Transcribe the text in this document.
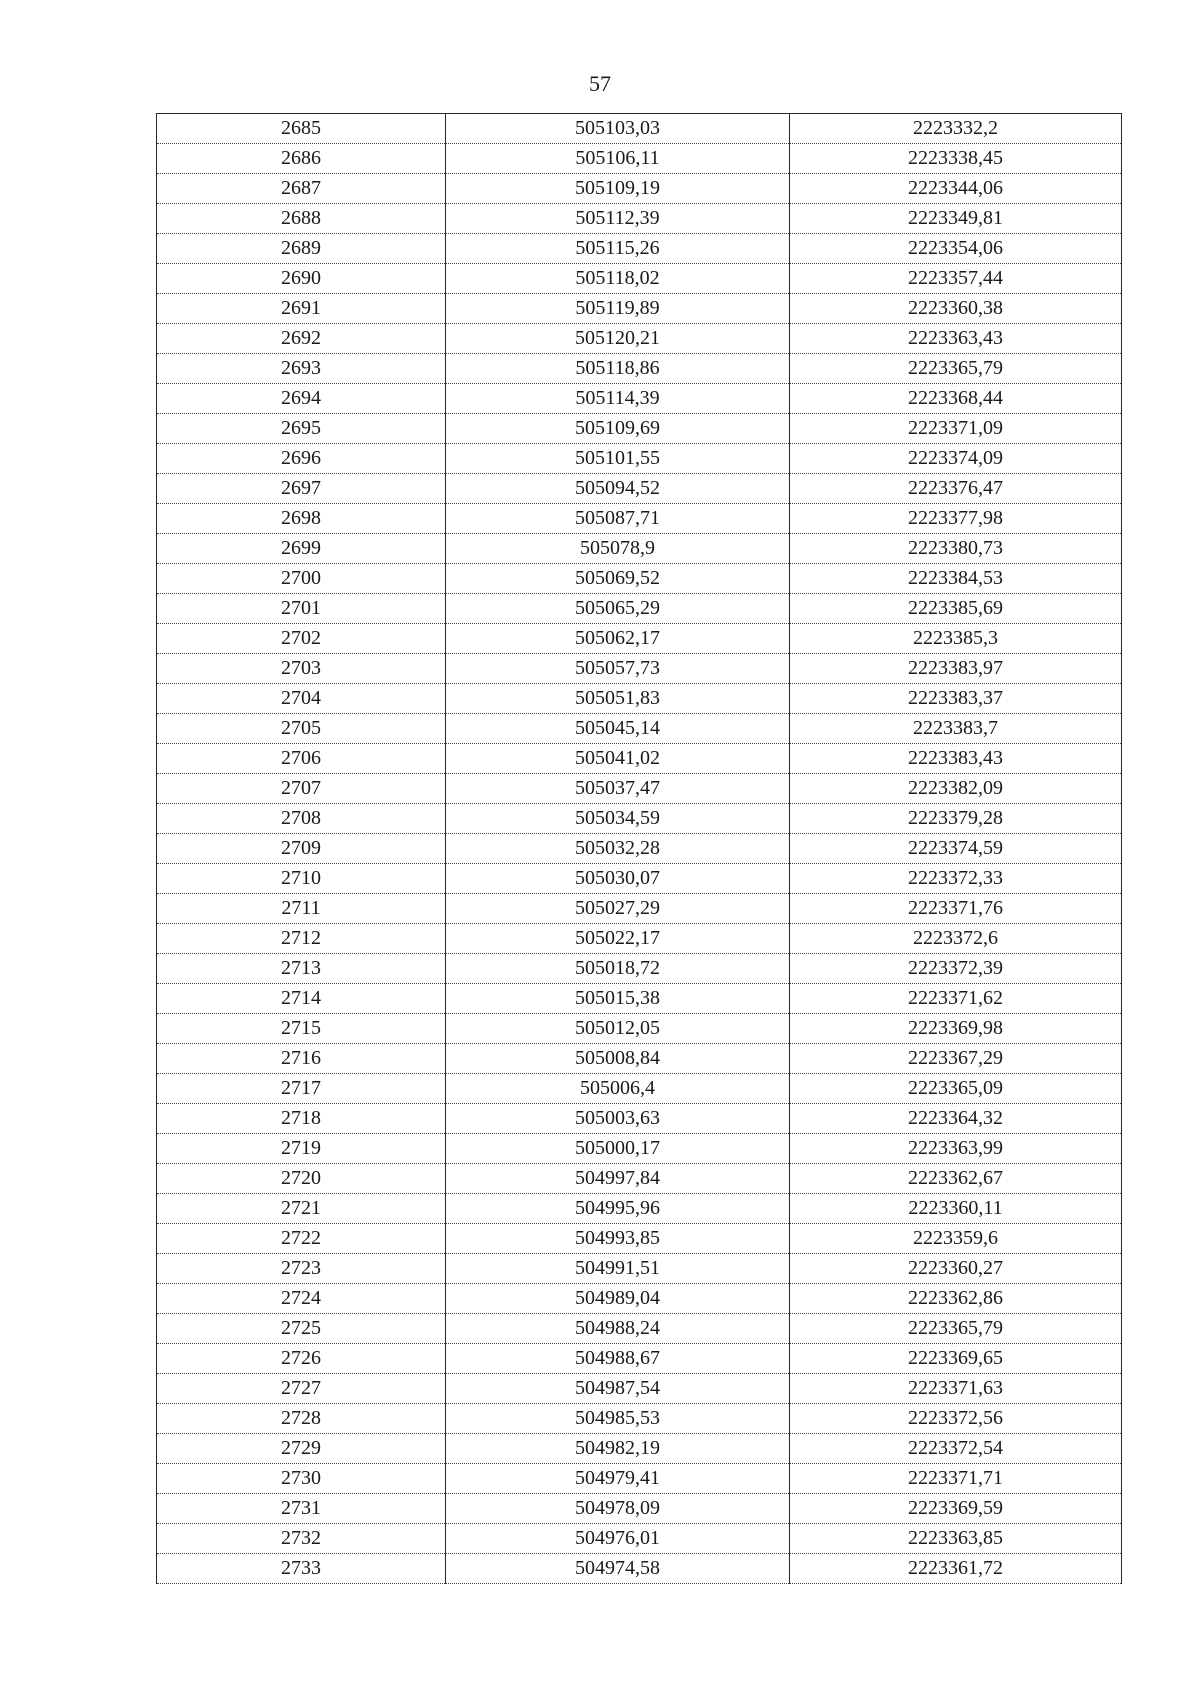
57
2685	505103,03	2223332,2
2686	505106,11	2223338,45
2687	505109,19	2223344,06
2688	505112,39	2223349,81
2689	505115,26	2223354,06
2690	505118,02	2223357,44
2691	505119,89	2223360,38
2692	505120,21	2223363,43
2693	505118,86	2223365,79
2694	505114,39	2223368,44
2695	505109,69	2223371,09
2696	505101,55	2223374,09
2697	505094,52	2223376,47
2698	505087,71	2223377,98
2699	505078,9	2223380,73
2700	505069,52	2223384,53
2701	505065,29	2223385,69
2702	505062,17	2223385,3
2703	505057,73	2223383,97
2704	505051,83	2223383,37
2705	505045,14	2223383,7
2706	505041,02	2223383,43
2707	505037,47	2223382,09
2708	505034,59	2223379,28
2709	505032,28	2223374,59
2710	505030,07	2223372,33
2711	505027,29	2223371,76
2712	505022,17	2223372,6
2713	505018,72	2223372,39
2714	505015,38	2223371,62
2715	505012,05	2223369,98
2716	505008,84	2223367,29
2717	505006,4	2223365,09
2718	505003,63	2223364,32
2719	505000,17	2223363,99
2720	504997,84	2223362,67
2721	504995,96	2223360,11
2722	504993,85	2223359,6
2723	504991,51	2223360,27
2724	504989,04	2223362,86
2725	504988,24	2223365,79
2726	504988,67	2223369,65
2727	504987,54	2223371,63
2728	504985,53	2223372,56
2729	504982,19	2223372,54
2730	504979,41	2223371,71
2731	504978,09	2223369,59
2732	504976,01	2223363,85
2733	504974,58	2223361,72
